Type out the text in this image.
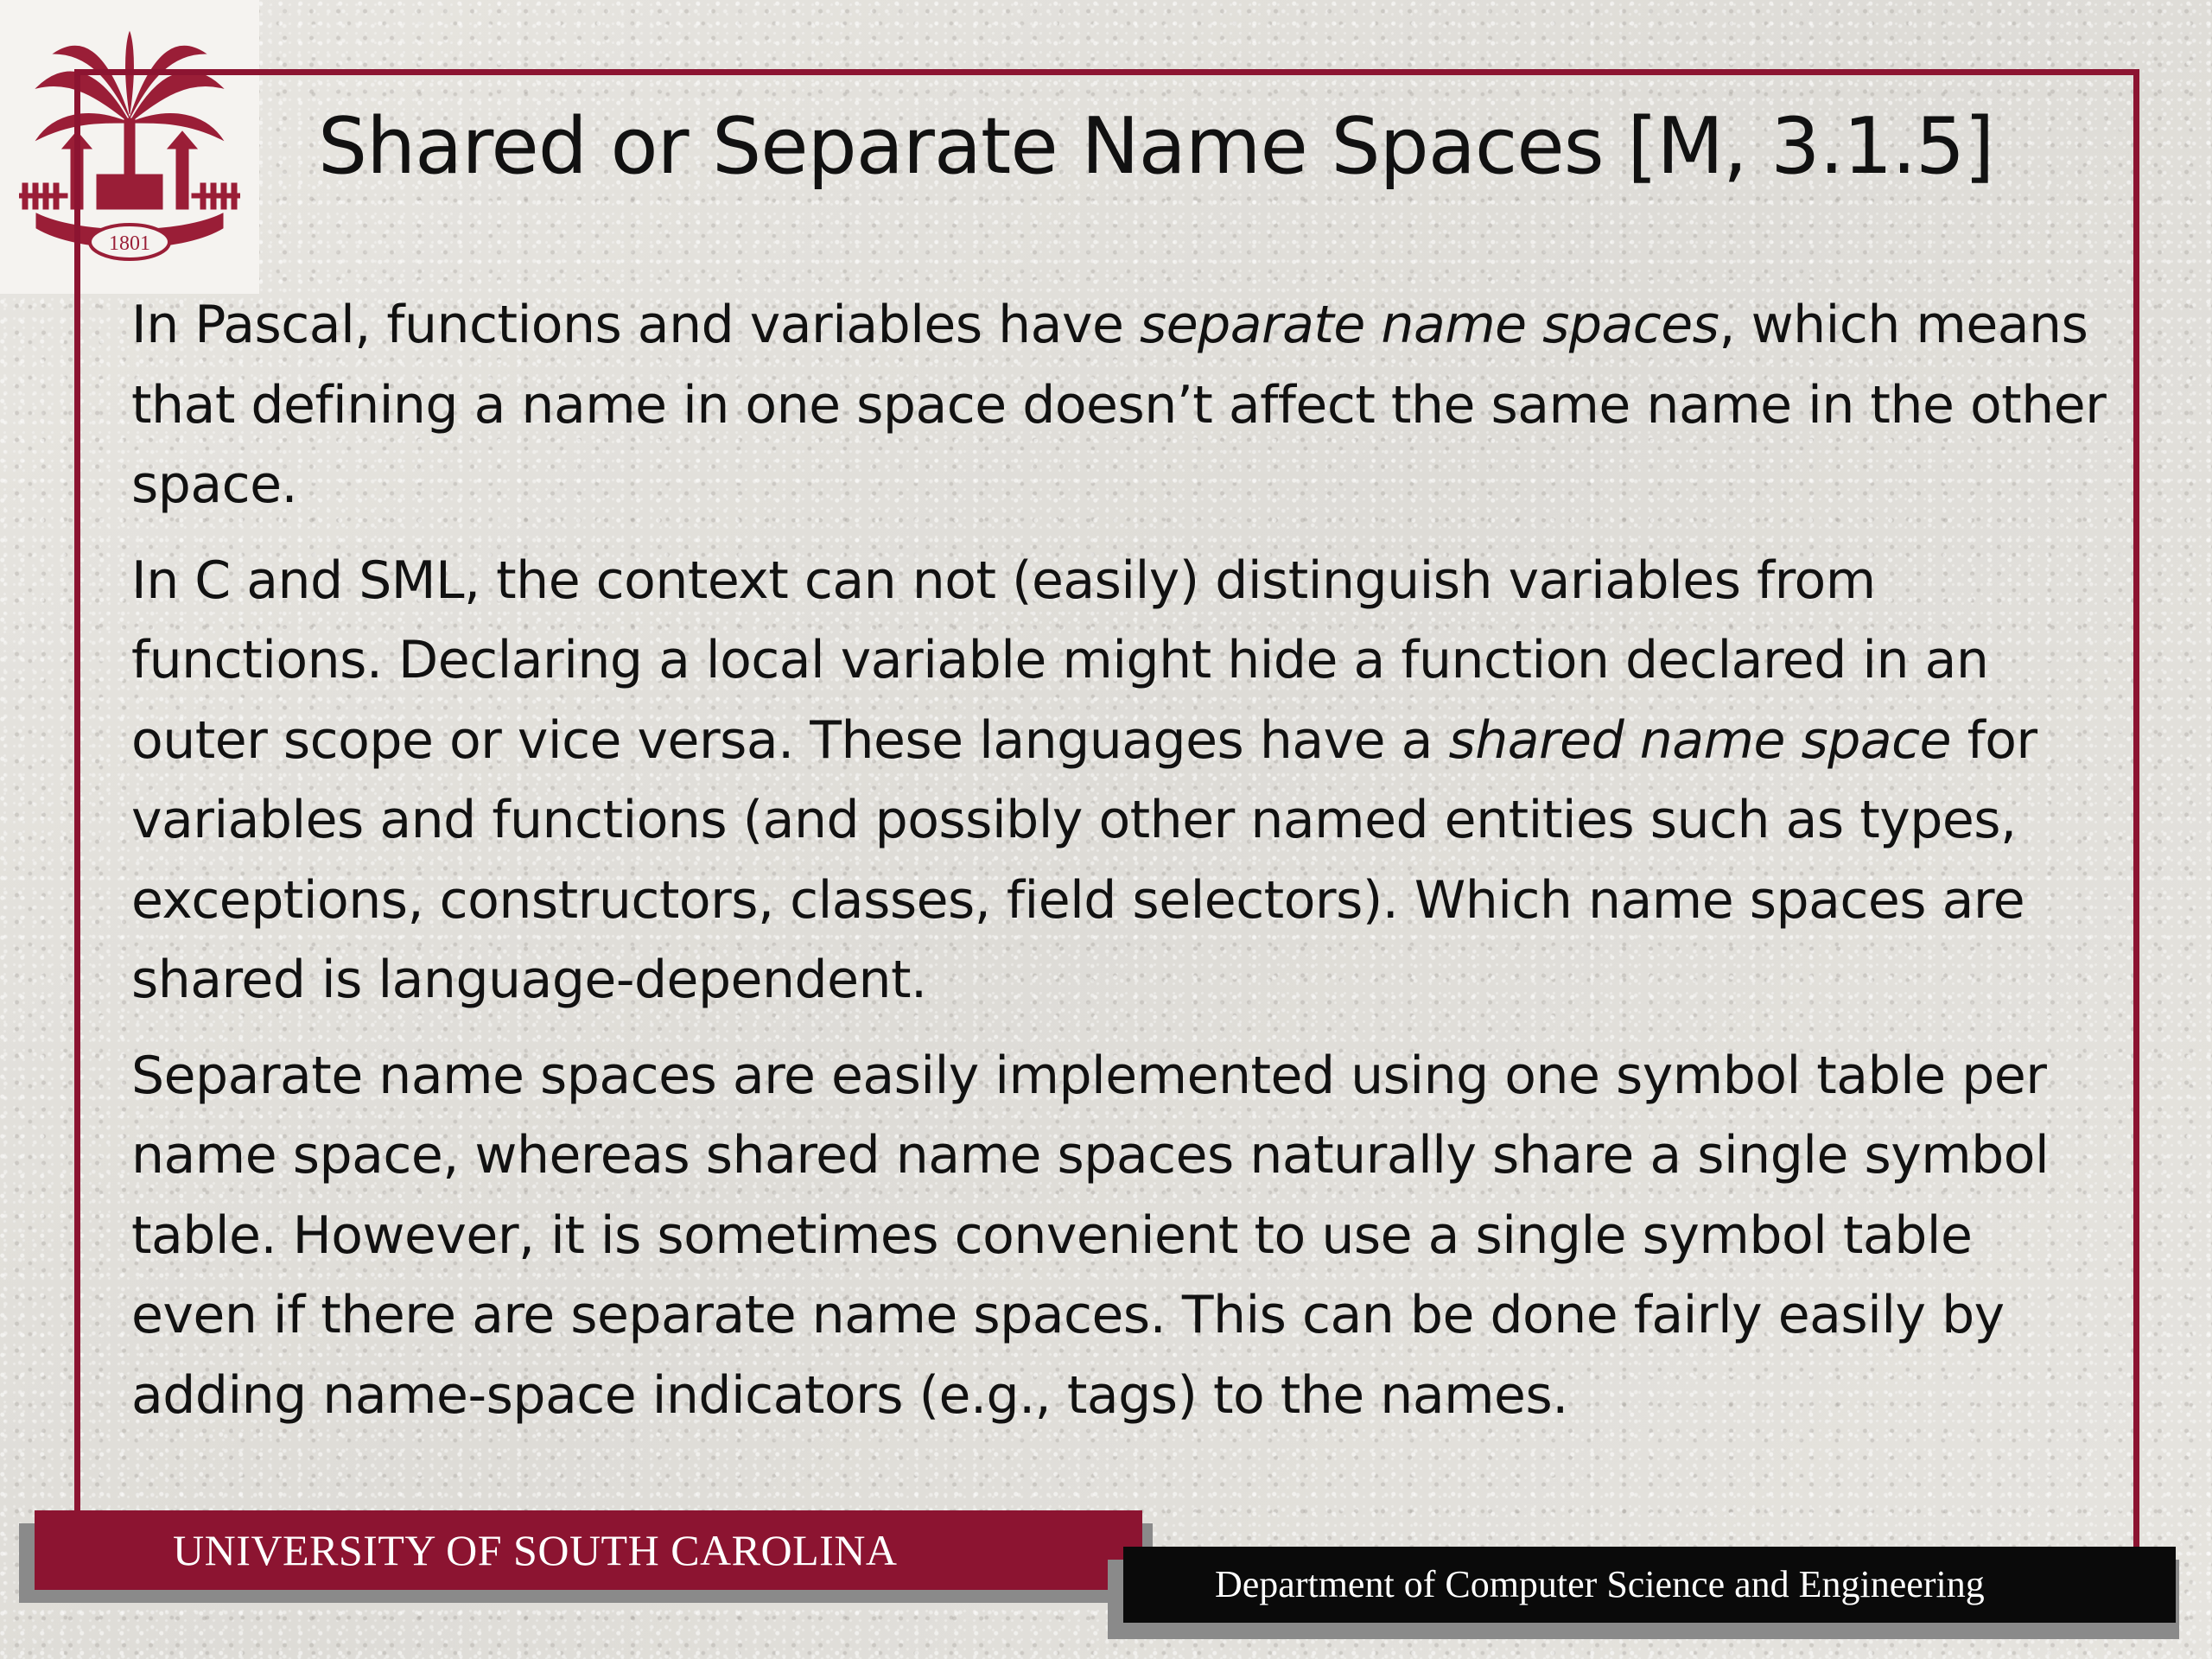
1801
Shared or Separate Name Spaces [M, 3.1.5]

In Pascal, functions and variables have separate name spaces, which means that defining a name in one space doesn’t affect the same name in the other space.

In C and SML, the context can not (easily) distinguish variables from functions. Declaring a local variable might hide a function declared in an outer scope or vice versa. These languages have a shared name space for variables and functions (and possibly other named entities such as types, exceptions, constructors, classes, field selectors). Which name spaces are shared is language-dependent.

Separate name spaces are easily implemented using one symbol table per name space, whereas shared name spaces naturally share a single symbol table. However, it is sometimes convenient to use a single symbol table even if there are separate name spaces. This can be done fairly easily by adding name-space indicators (e.g., tags) to the names.

UNIVERSITY OF SOUTH CAROLINA
Department of Computer Science and Engineering
